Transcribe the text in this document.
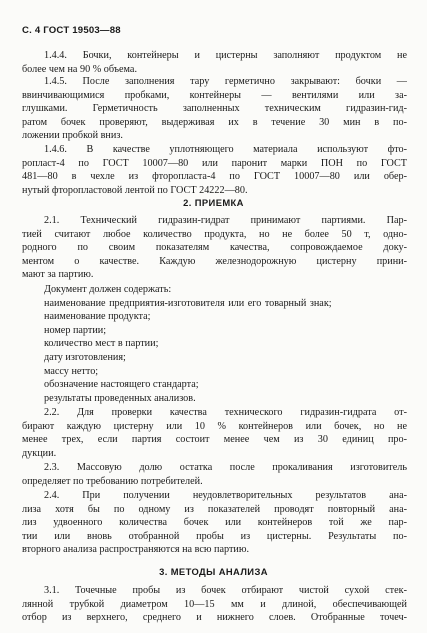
С. 4 ГОСТ 19503—88
1.4.4. Бочки, контейнеры и цистерны заполняют продуктом не
более чем на 90 % объема.
1.4.5. После заполнения тару герметично закрывают: бочки —
ввинчивающимися пробками, контейнеры — вентилями или за-
глушками. Герметичность заполненных техническим гидразин-гид-
ратом бочек проверяют, выдерживая их в течение 30 мин в по-
ложении пробкой вниз.
1.4.6. В качестве уплотняющего материала используют фто-
ропласт-4 по ГОСТ 10007—80 или паронит марки ПОН по ГОСТ
481—80 в чехле из фторопласта-4 по ГОСТ 10007—80 или обер-
нутый фторопластовой лентой по ГОСТ 24222—80.
2. ПРИЕМКА
2.1. Технический гидразин-гидрат принимают партиями. Пар-
тией считают любое количество продукта, но не более 50 т, одно-
родного по своим показателям качества, сопровождаемое доку-
ментом о качестве. Каждую железнодорожную цистерну прини-
мают за партию.
Документ должен содержать:
наименование предприятия-изготовителя или его товарный знак;
наименование продукта;
номер партии;
количество мест в партии;
дату изготовления;
массу нетто;
обозначение настоящего стандарта;
результаты проведенных анализов.
2.2. Для проверки качества технического гидразин-гидрата от-
бирают каждую цистерну или 10 % контейнеров или бочек, но не
менее трех, если партия состоит менее чем из 30 единиц про-
дукции.
2.3. Массовую долю остатка после прокаливания изготовитель
определяет по требованию потребителей.
2.4. При получении неудовлетворительных результатов ана-
лиза хотя бы по одному из показателей проводят повторный ана-
лиз удвоенного количества бочек или контейнеров той же пар-
тии или вновь отобранной пробы из цистерны. Результаты по-
вторного анализа распространяются на всю партию.
3. МЕТОДЫ АНАЛИЗА
3.1. Точечные пробы из бочек отбирают чистой сухой стек-
лянной трубкой диаметром 10—15 мм и длиной, обеспечивающей
отбор из верхнего, среднего и нижнего слоев. Отобранные точеч-
